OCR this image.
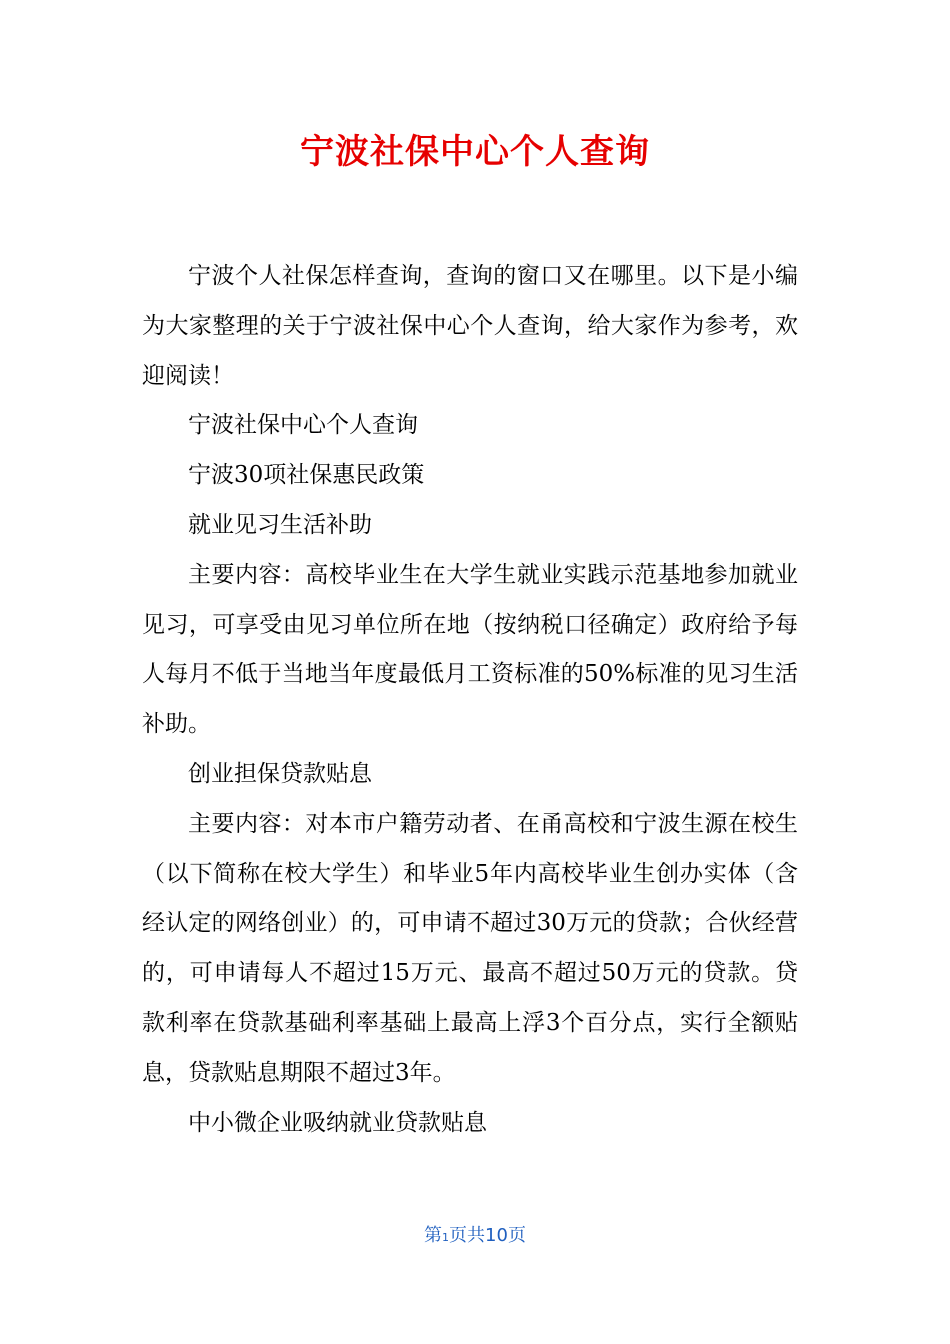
宁波社保中心个人查询

宁波个人社保怎样查询，查询的窗口又在哪里。以下是小编为大家整理的关于宁波社保中心个人查询，给大家作为参考，欢迎阅读！

宁波社保中心个人查询

宁波30项社保惠民政策

就业见习生活补助

主要内容：高校毕业生在大学生就业实践示范基地参加就业见习，可享受由见习单位所在地（按纳税口径确定）政府给予每人每月不低于当地当年度最低月工资标准的50%标准的见习生活补助。

创业担保贷款贴息

主要内容：对本市户籍劳动者、在甬高校和宁波生源在校生（以下简称在校大学生）和毕业5年内高校毕业生创办实体（含经认定的网络创业）的，可申请不超过30万元的贷款；合伙经营的，可申请每人不超过15万元、最高不超过50万元的贷款。贷款利率在贷款基础利率基础上最高上浮3个百分点，实行全额贴息，贷款贴息期限不超过3年。

中小微企业吸纳就业贷款贴息

第1页共10页
